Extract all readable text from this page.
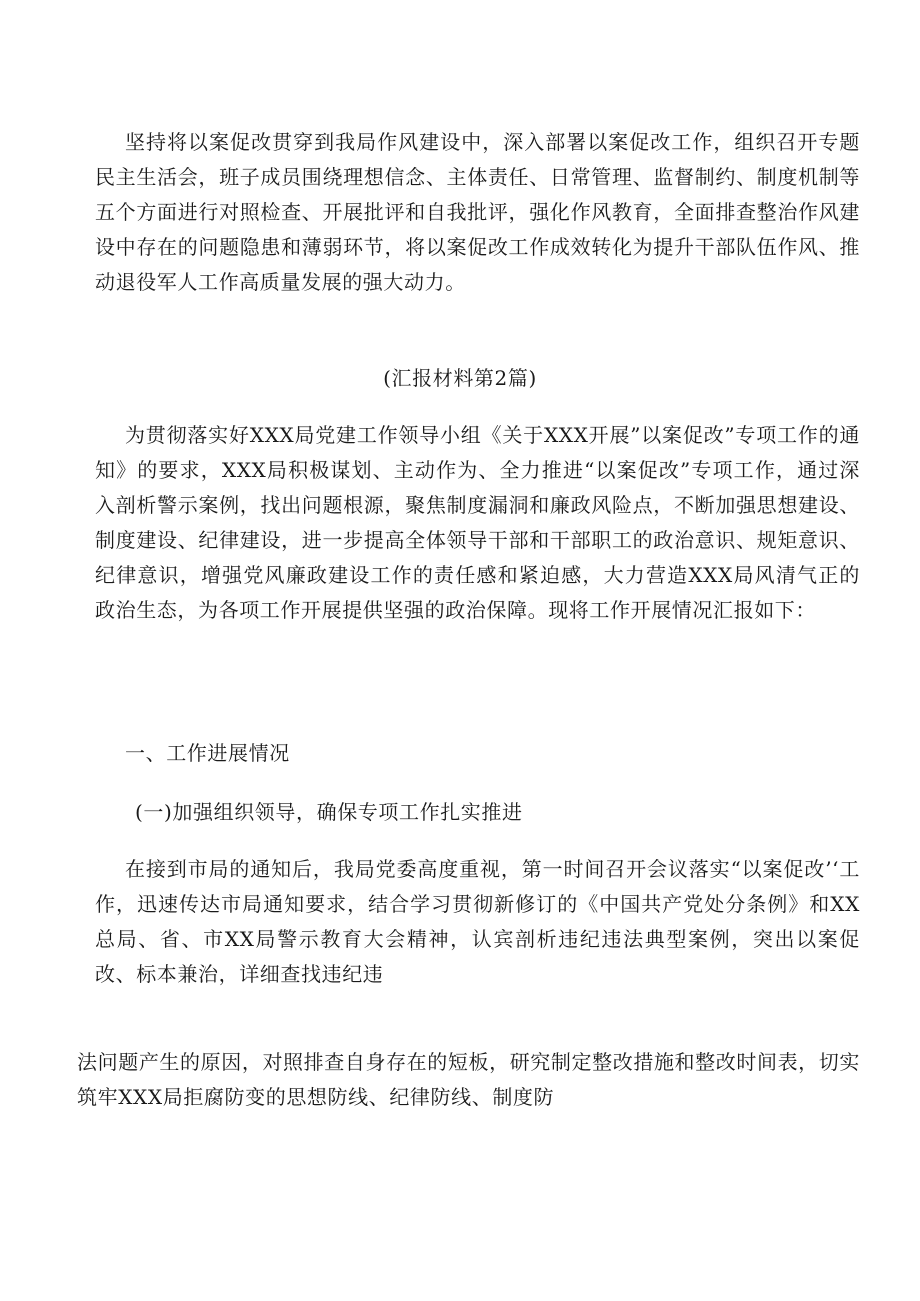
坚持将以案促改贯穿到我局作风建设中，深入部署以案促改工作，组织召开专题民主生活会，班子成员围绕理想信念、主体责任、日常管理、监督制约、制度机制等五个方面进行对照检查、开展批评和自我批评，强化作风教育，全面排查整治作风建设中存在的问题隐患和薄弱环节，将以案促改工作成效转化为提升干部队伍作风、推动退役军人工作高质量发展的强大动力。

(汇报材料第2篇)

为贯彻落实好XXX局党建工作领导小组《关于XXX开展”以案促改”专项工作的通知》的要求，XXX局积极谋划、主动作为、全力推进“以案促改”专项工作，通过深入剖析警示案例，找出问题根源，聚焦制度漏洞和廉政风险点，不断加强思想建设、制度建设、纪律建设，进一步提高全体领导干部和干部职工的政治意识、规矩意识、纪律意识，增强党风廉政建设工作的责任感和紧迫感，大力营造XXX局风清气正的政治生态，为各项工作开展提供坚强的政治保障。现将工作开展情况汇报如下：

一、工作进展情况

(一)加强组织领导，确保专项工作扎实推进

在接到市局的通知后，我局党委高度重视，第一时间召开会议落实“以案促改’‘工作，迅速传达市局通知要求，结合学习贯彻新修订的《中国共产党处分条例》和XX总局、省、市XX局警示教育大会精神，认宾剖析违纪违法典型案例，突出以案促改、标本兼治，详细查找违纪违

法问题产生的原因，对照排查自身存在的短板，研究制定整改措施和整改时间表，切实筑牢XXX局拒腐防变的思想防线、纪律防线、制度防
